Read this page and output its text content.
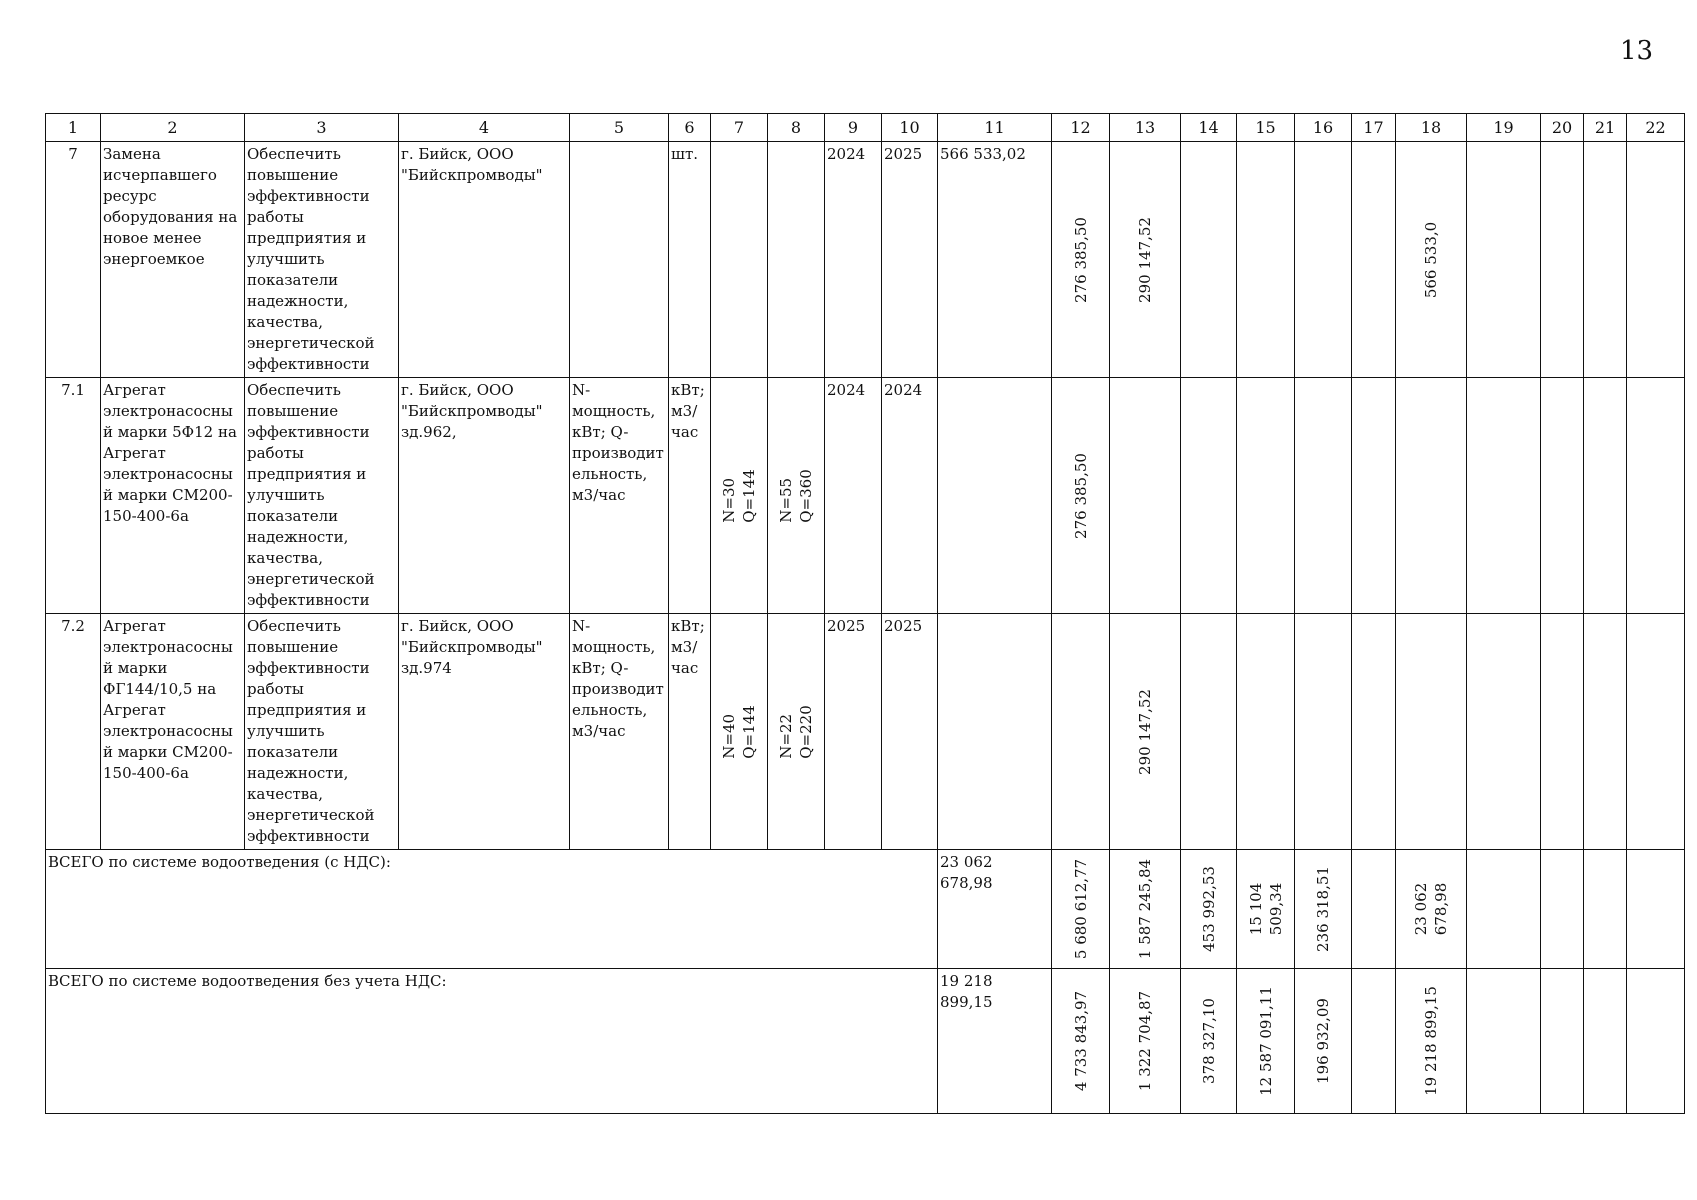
13
1	2	3	4	5	6	7	8	9	10	11	12	13	14	15	16	17	18	19	20	21	22
7	Замена исчерпавшего ресурс оборудования на новое менее энергоемкое	Обеспечить повышение эффективности работы предприятия и улучшить показатели надежности, качества, энергетической эффективности	г. Бийск, ООО "Бийскпромводы"		шт.			2024	2025	566 533,02	276 385,50	290 147,52					566 533,0				

7.1	Агрегат электронасосный марки 5Ф12 на Агрегат электронасосный марки СМ200-150-400-6а	Обеспечить повышение эффективности работы предприятия и улучшить показатели надежности, качества, энергетической эффективности	г. Бийск, ООО "Бийскпромводы" зд.962,	N-мощность, кВт; Q-производительность, м3/час	кВт; м3/час	N=30 Q=144	N=55 Q=360	2024	2024		276 385,50										

7.2	Агрегат электронасосный марки ФГ144/10,5 на Агрегат электронасосный марки СМ200-150-400-6а	Обеспечить повышение эффективности работы предприятия и улучшить показатели надежности, качества, энергетической эффективности	г. Бийск, ООО "Бийскпромводы" зд.974	N-мощность, кВт; Q-производительность, м3/час	кВт; м3/час	N=40 Q=144	N=22 Q=220	2025	2025			290 147,52									

ВСЕГО по системе водоотведения (с НДС):										23 062 678,98	5 680 612,77	1 587 245,84	453 992,53	15 104 509,34	236 318,51		23 062 678,98				

ВСЕГО по системе водоотведения без учета НДС:										19 218 899,15	4 733 843,97	1 322 704,87	378 327,10	12 587 091,11	196 932,09		19 218 899,15				
